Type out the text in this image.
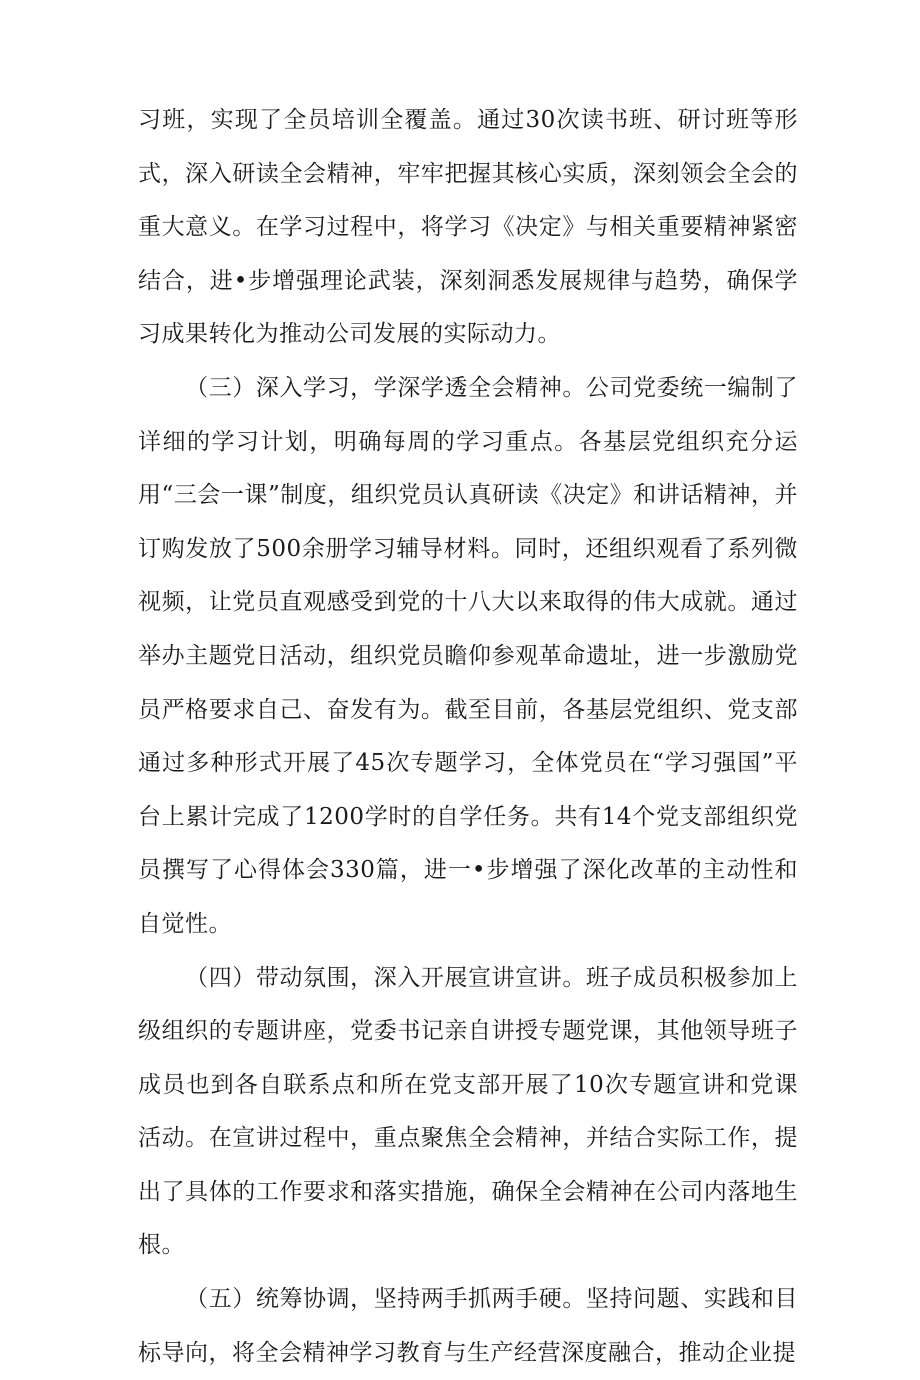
习班，实现了全员培训全覆盖。通过30次读书班、研讨班等形式，深入研读全会精神，牢牢把握其核心实质，深刻领会全会的重大意义。在学习过程中，将学习《决定》与相关重要精神紧密结合，进•步增强理论武装，深刻洞悉发展规律与趋势，确保学习成果转化为推动公司发展的实际动力。

（三）深入学习，学深学透全会精神。公司党委统一编制了详细的学习计划，明确每周的学习重点。各基层党组织充分运用“三会一课”制度，组织党员认真研读《决定》和讲话精神，并订购发放了500余册学习辅导材料。同时，还组织观看了系列微视频，让党员直观感受到党的十八大以来取得的伟大成就。通过举办主题党日活动，组织党员瞻仰参观革命遗址，进一步激励党员严格要求自己、奋发有为。截至目前，各基层党组织、党支部通过多种形式开展了45次专题学习，全体党员在“学习强国”平台上累计完成了1200学时的自学任务。共有14个党支部组织党员撰写了心得体会330篇，进一•步增强了深化改革的主动性和自觉性。

（四）带动氛围，深入开展宣讲宣讲。班子成员积极参加上级组织的专题讲座，党委书记亲自讲授专题党课，其他领导班子成员也到各自联系点和所在党支部开展了10次专题宣讲和党课活动。在宣讲过程中，重点聚焦全会精神，并结合实际工作，提出了具体的工作要求和落实措施，确保全会精神在公司内落地生根。

（五）统筹协调，坚持两手抓两手硬。坚持问题、实践和目标导向，将全会精神学习教育与生产经营深度融合，推动企业提
